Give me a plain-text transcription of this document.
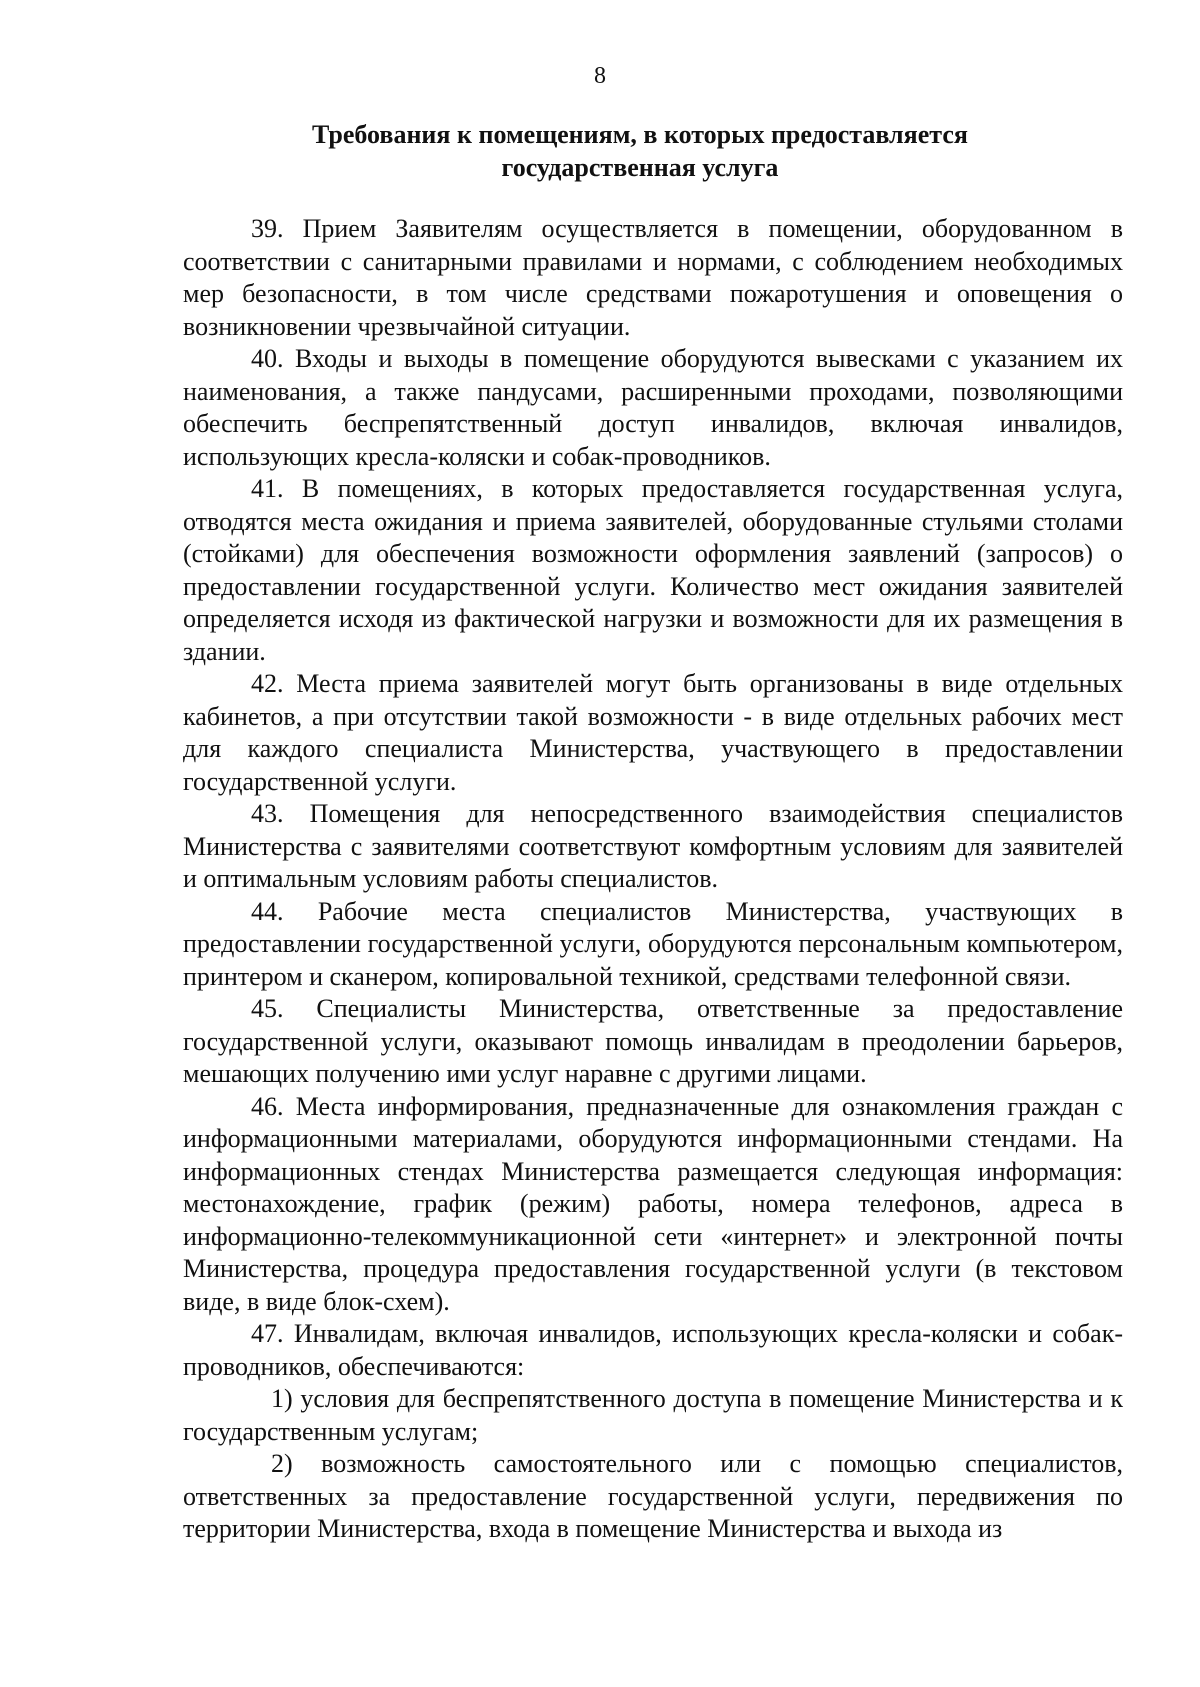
8
Требования к помещениям, в которых предоставляется
государственная услуга

39. Прием Заявителям осуществляется в помещении, оборудованном в соответствии с санитарными правилами и нормами, с соблюдением необходимых мер безопасности, в том числе средствами пожаротушения и оповещения о возникновении чрезвычайной ситуации.

40. Входы и выходы в помещение оборудуются вывесками с указанием их наименования, а также пандусами, расширенными проходами, позволяющими обеспечить беспрепятственный доступ инвалидов, включая инвалидов, использующих кресла-коляски и собак-проводников.

41. В помещениях, в которых предоставляется государственная услуга, отводятся места ожидания и приема заявителей, оборудованные стульями столами (стойками) для обеспечения возможности оформления заявлений (запросов) о предоставлении государственной услуги. Количество мест ожидания заявителей определяется исходя из фактической нагрузки и возможности для их размещения в здании.

42. Места приема заявителей могут быть организованы в виде отдельных кабинетов, а при отсутствии такой возможности - в виде отдельных рабочих мест для каждого специалиста Министерства, участвующего в предоставлении государственной услуги.

43. Помещения для непосредственного взаимодействия специалистов Министерства с заявителями соответствуют комфортным условиям для заявителей и оптимальным условиям работы специалистов.

44. Рабочие места специалистов Министерства, участвующих в предоставлении государственной услуги, оборудуются персональным компьютером, принтером и сканером, копировальной техникой, средствами телефонной связи.

45. Специалисты Министерства, ответственные за предоставление государственной услуги, оказывают помощь инвалидам в преодолении барьеров, мешающих получению ими услуг наравне с другими лицами.

46. Места информирования, предназначенные для ознакомления граждан с информационными материалами, оборудуются информационными стендами. На информационных стендах Министерства размещается следующая информация: местонахождение, график (режим) работы, номера телефонов, адреса в информационно-телекоммуникационной сети «интернет» и электронной почты Министерства, процедура предоставления государственной услуги (в текстовом виде, в виде блок-схем).

47. Инвалидам, включая инвалидов, использующих кресла-коляски и собак-проводников, обеспечиваются:

1) условия для беспрепятственного доступа в помещение Министерства и к государственным услугам;

2) возможность самостоятельного или с помощью специалистов, ответственных за предоставление государственной услуги, передвижения по территории Министерства, входа в помещение Министерства и выхода из
